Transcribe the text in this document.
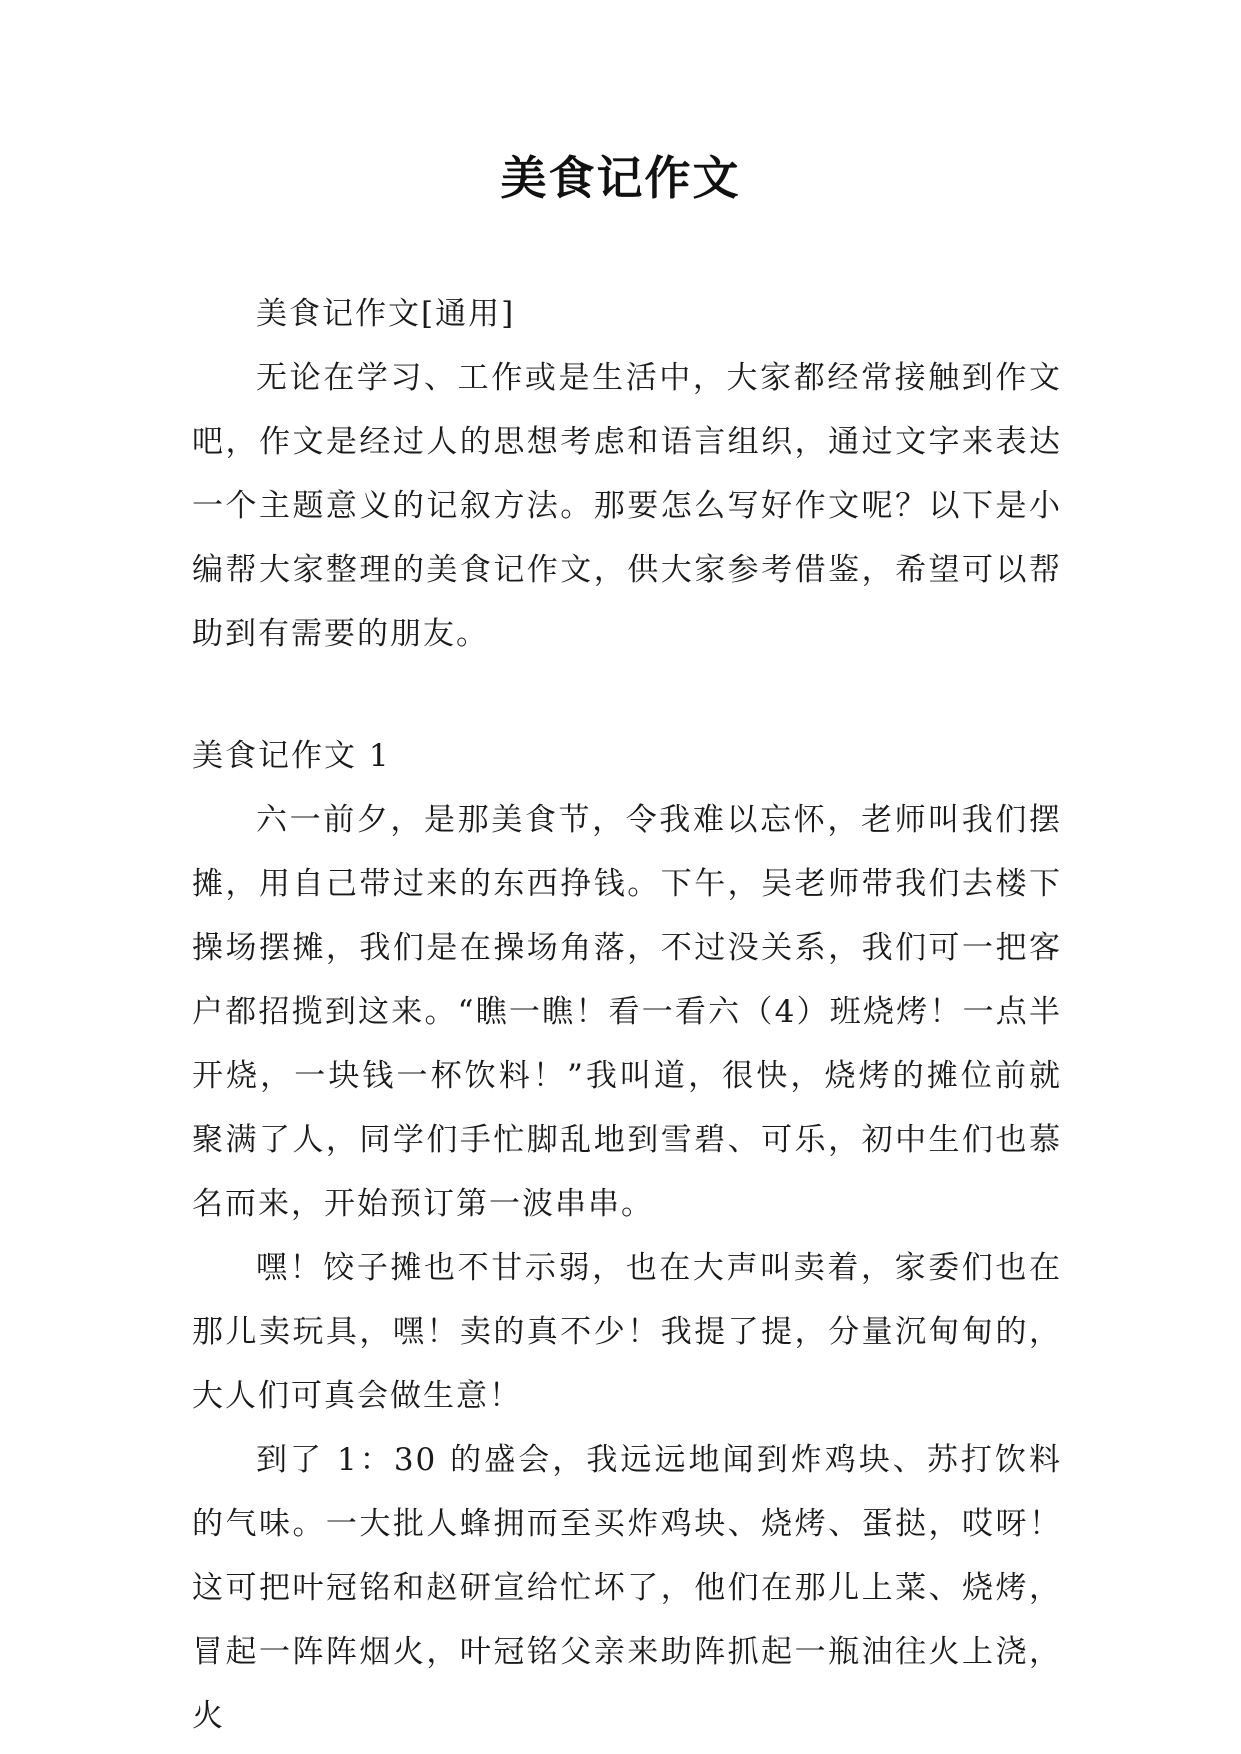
美食记作文

美食记作文[通用]

无论在学习、工作或是生活中，大家都经常接触到作文吧，作文是经过人的思想考虑和语言组织，通过文字来表达一个主题意义的记叙方法。那要怎么写好作文呢？以下是小编帮大家整理的美食记作文，供大家参考借鉴，希望可以帮助到有需要的朋友。

美食记作文 1

六一前夕，是那美食节，令我难以忘怀，老师叫我们摆摊，用自己带过来的东西挣钱。下午，吴老师带我们去楼下操场摆摊，我们是在操场角落，不过没关系，我们可一把客户都招揽到这来。“瞧一瞧！看一看六（4）班烧烤！一点半开烧，一块钱一杯饮料！”我叫道，很快，烧烤的摊位前就聚满了人，同学们手忙脚乱地到雪碧、可乐，初中生们也慕名而来，开始预订第一波串串。

嘿！饺子摊也不甘示弱，也在大声叫卖着，家委们也在那儿卖玩具，嘿！卖的真不少！我提了提，分量沉甸甸的，大人们可真会做生意！

到了 1：30 的盛会，我远远地闻到炸鸡块、苏打饮料的气味。一大批人蜂拥而至买炸鸡块、烧烤、蛋挞，哎呀！这可把叶冠铭和赵研宣给忙坏了，他们在那儿上菜、烧烤，冒起一阵阵烟火，叶冠铭父亲来助阵抓起一瓶油往火上浇，火
